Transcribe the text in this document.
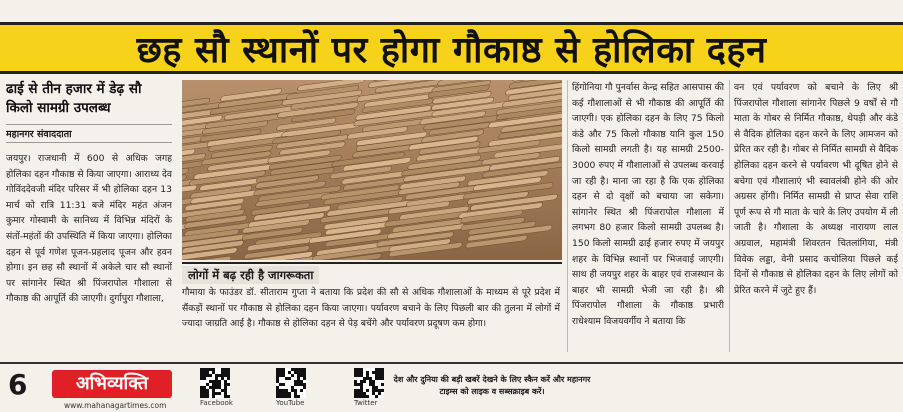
छह सौ स्थानों पर होगा गौकाष्ठ से होलिका दहन
ढाई से तीन हजार में डेढ़ सौ किलो सामग्री उपलब्ध
महानगर संवाददाता

जयपुर। राजधानी में 600 से अधिक जगह होलिका दहन गौकाष्ठ से किया जाएगा। आराध्य देव गोविंददेवजी मंदिर परिसर में भी होलिका दहन 13 मार्च को रात्रि 11:31 बजे मंदिर महंत अंजन कुमार गोस्वामी के सानिध्य में विभिन्न मंदिरों के संतों-महंतों की उपस्थिति में किया जाएगा। होलिका दहन से पूर्व गणेश पूजन-प्रहलाद पूजन और हवन होगा। इन छह सौ स्थानों में अकेले चार सौ स्थानों पर सांगानेर स्थित श्री पिंजरापोल गौशाला से गौकाष्ठ की आपूर्ति की जाएगी। दुर्गापुरा गौशाला,

लोगों में बढ़ रही है जागरूकता

गौमाया के फाउंडर डॉ. सीताराम गुप्ता ने बताया कि प्रदेश की सौ से अधिक गौशालाओं के माध्यम से पूरे प्रदेश में सैंकड़ों स्थानों पर गौकाष्ठ से होलिका दहन किया जाएगा। पर्यावरण बचाने के लिए पिछली बार की तुलना में लोगों में ज्यादा जाग्रति आई है। गौकाष्ठ से होलिका दहन से पेड़ बचेंगे और पर्यावरण प्रदूषण कम होगा।

हिंगोनिया गौ पुनर्वास केन्द्र सहित आसपास की कई गौशालाओं से भी गौकाष्ठ की आपूर्ति की जाएगी। एक होलिका दहन के लिए 75 किलो कंडे और 75 किलो गौकाष्ठ यानि कुल 150 किलो सामग्री लगती है। यह सामग्री 2500-3000 रुपए में गौशालाओं से उपलब्ध करवाई जा रही है। माना जा रहा है कि एक होलिका दहन से दो वृक्षों को बचाया जा सकेगा। सांगानेर स्थित श्री पिंजरापोल गौशाला में लगभग 80 हजार किलो सामग्री उपलब्ध है। 150 किलो सामग्री ढाई हजार रुपए में जयपुर शहर के विभिन्न स्थानों पर भिजवाई जाएगी। साथ ही जयपुर शहर के बाहर एवं राजस्थान के बाहर भी सामग्री भेजी जा रही है। श्री पिंजरापोल गौशाला के गौकाष्ठ प्रभारी राधेश्याम विजयवर्गीय ने बताया कि

वन एवं पर्यावरण को बचाने के लिए श्री पिंजरापोल गौशाला सांगानेर पिछले 9 वर्षों से गौ माता के गोबर से निर्मित गौकाष्ठ, थेपड़ी और कंडे से वैदिक होलिका दहन करने के लिए आमजन को प्रेरित कर रही है। गोबर से निर्मित सामग्री से वैदिक होलिका दहन करने से पर्यावरण भी दूषित होने से बचेगा एवं गौशालाएं भी स्वावलंबी होने की ओर अग्रसर होंगी। निर्मित सामग्री से प्राप्त सेवा राशि पूर्ण रूप से गौ माता के चारे के लिए उपयोग में ली जाती है। गौशाला के अध्यक्ष नारायण लाल अग्रवाल, महामंत्री शिवरतन चितलांगिया, मंत्री विवेक लड्डा, वेनी प्रसाद कचोलिया पिछले कई दिनों से गौकाष्ठ से होलिका दहन के लिए लोगों को प्रेरित करने में जुटे हुए हैं।

6	अभिव्यक्ति
www.mahanagartimes.com	Facebook	YouTube	Twitter
देश और दुनिया की बड़ी खबरें देखने के लिए स्कैन करें और महानगर टाइम्स को लाइक व सब्सक्राइब करें।
